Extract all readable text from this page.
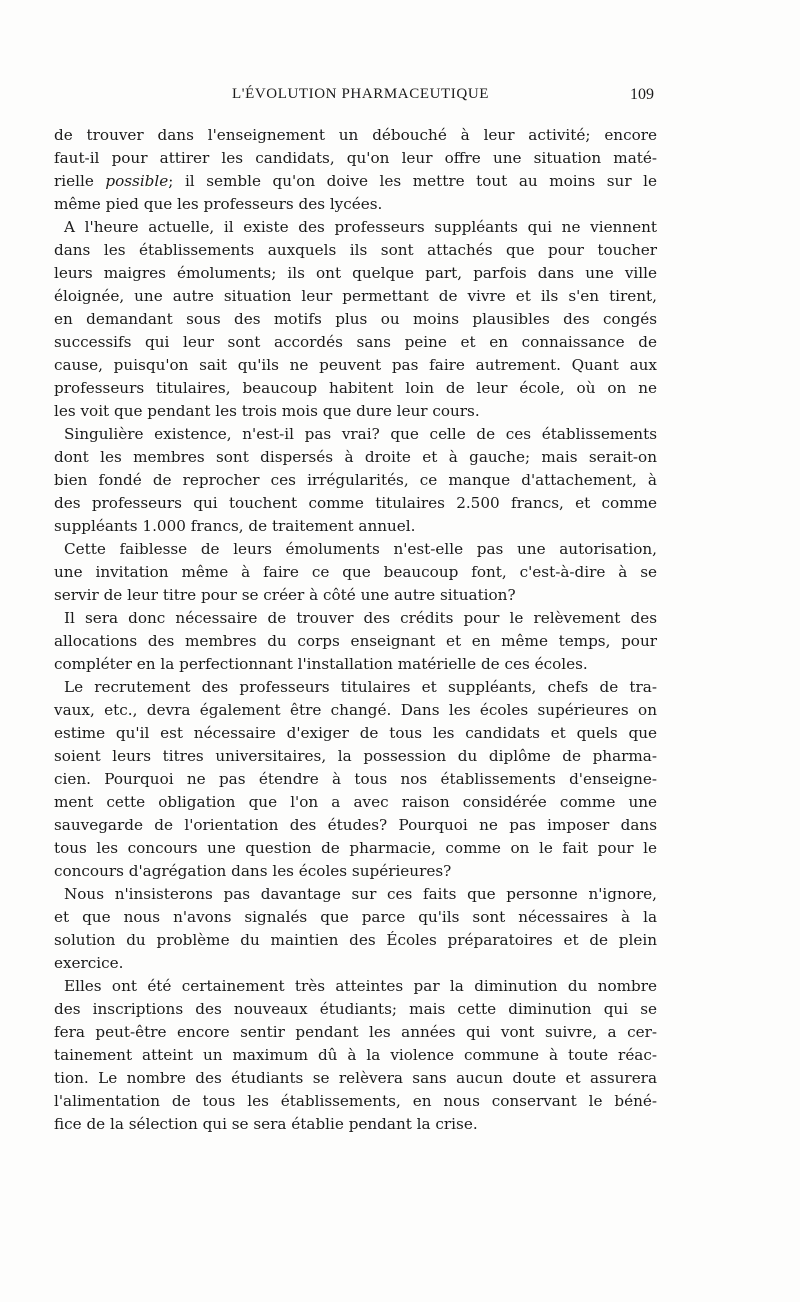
L'ÉVOLUTION PHARMACEUTIQUE	109
de trouver dans l'enseignement un débouché à leur activité; encore
faut-il pour attirer les candidats, qu'on leur offre une situation maté-
rielle possible; il semble qu'on doive les mettre tout au moins sur le
même pied que les professeurs des lycées.
A l'heure actuelle, il existe des professeurs suppléants qui ne viennent
dans les établissements auxquels ils sont attachés que pour toucher
leurs maigres émoluments; ils ont quelque part, parfois dans une ville
éloignée, une autre situation leur permettant de vivre et ils s'en tirent,
en demandant sous des motifs plus ou moins plausibles des congés
successifs qui leur sont accordés sans peine et en connaissance de
cause, puisqu'on sait qu'ils ne peuvent pas faire autrement. Quant aux
professeurs titulaires, beaucoup habitent loin de leur école, où on ne
les voit que pendant les trois mois que dure leur cours.
Singulière existence, n'est-il pas vrai? que celle de ces établissements
dont les membres sont dispersés à droite et à gauche; mais serait-on
bien fondé de reprocher ces irrégularités, ce manque d'attachement, à
des professeurs qui touchent comme titulaires 2.500 francs, et comme
suppléants 1.000 francs, de traitement annuel.
Cette faiblesse de leurs émoluments n'est-elle pas une autorisation,
une invitation même à faire ce que beaucoup font, c'est-à-dire à se
servir de leur titre pour se créer à côté une autre situation?
Il sera donc nécessaire de trouver des crédits pour le relèvement des
allocations des membres du corps enseignant et en même temps, pour
compléter en la perfectionnant l'installation matérielle de ces écoles.
Le recrutement des professeurs titulaires et suppléants, chefs de tra-
vaux, etc., devra également être changé. Dans les écoles supérieures on
estime qu'il est nécessaire d'exiger de tous les candidats et quels que
soient leurs titres universitaires, la possession du diplôme de pharma-
cien. Pourquoi ne pas étendre à tous nos établissements d'enseigne-
ment cette obligation que l'on a avec raison considérée comme une
sauvegarde de l'orientation des études? Pourquoi ne pas imposer dans
tous les concours une question de pharmacie, comme on le fait pour le
concours d'agrégation dans les écoles supérieures?
Nous n'insisterons pas davantage sur ces faits que personne n'ignore,
et que nous n'avons signalés que parce qu'ils sont nécessaires à la
solution du problème du maintien des Écoles préparatoires et de plein
exercice.
Elles ont été certainement très atteintes par la diminution du nombre
des inscriptions des nouveaux étudiants; mais cette diminution qui se
fera peut-être encore sentir pendant les années qui vont suivre, a cer-
tainement atteint un maximum dû à la violence commune à toute réac-
tion. Le nombre des étudiants se relèvera sans aucun doute et assurera
l'alimentation de tous les établissements, en nous conservant le béné-
fice de la sélection qui se sera établie pendant la crise.
